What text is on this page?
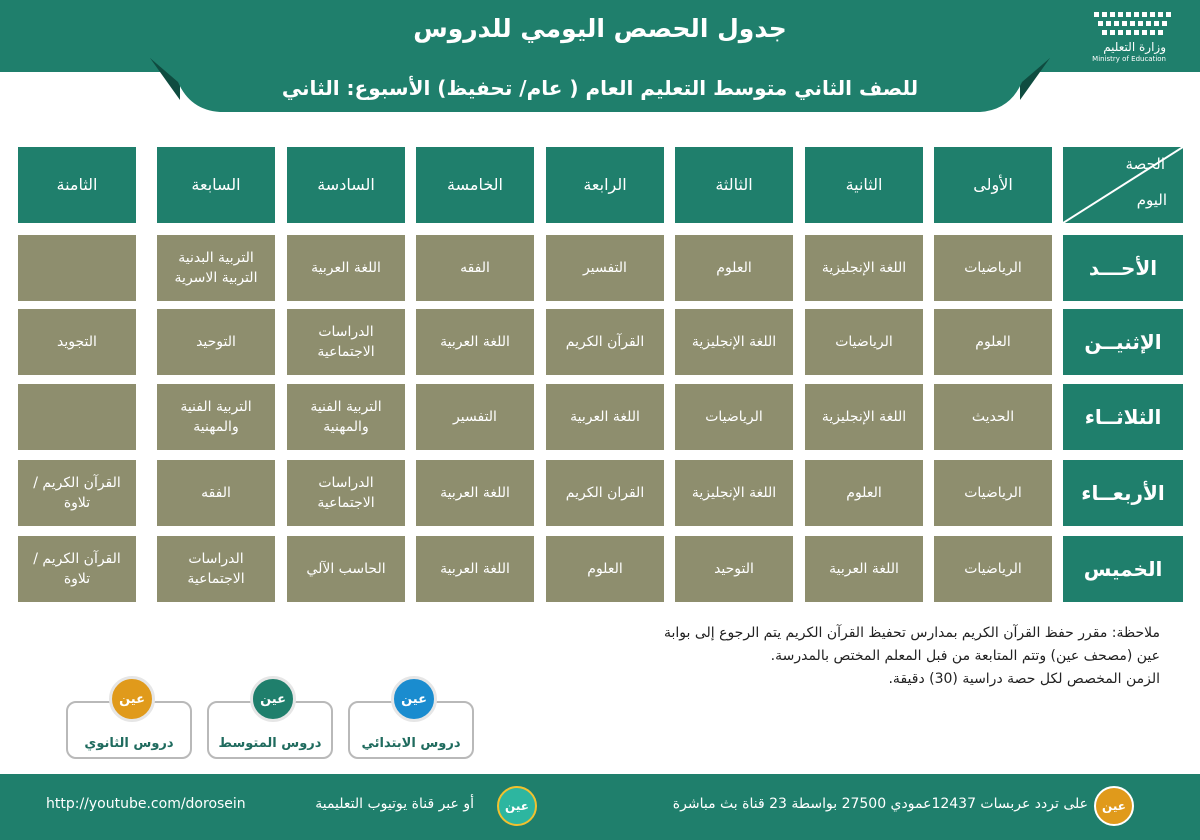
جدول الحصص اليومي للدروس
وزارة التعليم
Ministry of Education
للصف الثاني متوسط التعليم العام ( عام/ تحفيظ) الأسبوع: الثاني
الحصة
اليوم
الأولى
الثانية
الثالثة
الرابعة
الخامسة
السادسة
السابعة
الثامنة
الأحـــد
الرياضيات
اللغة الإنجليزية
العلوم
التفسير
الفقه
اللغة العربية
التربية البدنية
التربية الاسرية
الإثنيــن
العلوم
الرياضيات
اللغة الإنجليزية
القرآن الكريم
اللغة العربية
الدراسات
الاجتماعية
التوحيد
التجويد
الثلاثــاء
الحديث
اللغة الإنجليزية
الرياضيات
اللغة العربية
التفسير
التربية الفنية
والمهنية
التربية الفنية
والمهنية
الأربعــاء
الرياضيات
العلوم
اللغة الإنجليزية
القران الكريم
اللغة العربية
الدراسات
الاجتماعية
الفقه
القرآن الكريم /
تلاوة
الخميس
الرياضيات
اللغة العربية
التوحيد
العلوم
اللغة العربية
الحاسب الآلي
الدراسات
الاجتماعية
القرآن الكريم /
تلاوة

ملاحظة: مقرر حفظ القرآن الكريم بمدارس تحفيظ القرآن الكريم يتم الرجوع إلى بوابة

عين (مصحف عين) وتتم المتابعة من فبل المعلم المختص بالمدرسة.

الزمن المخصص لكل حصة دراسية (30) دقيقة.

عين
دروس الثانوي
عين
دروس المتوسط
عين
دروس الابتدائي
عين
على تردد عربسات 12437عمودي 27500 بواسطة 23 قناة بث مباشرة
عين
أو عبر قناة يوتيوب التعليمية
http://youtube.com/dorosein
